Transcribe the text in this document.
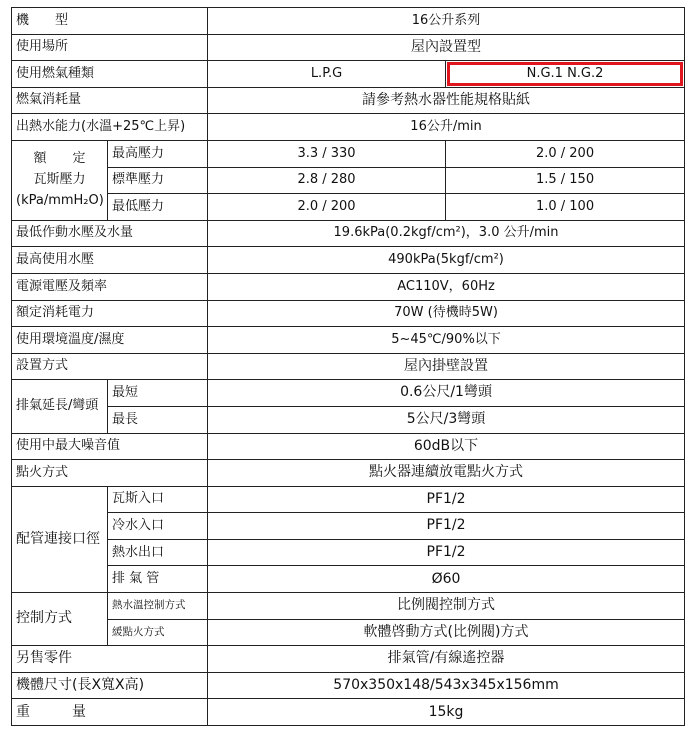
機　　型		16公升系列	
使用場所		屋內設置型	
使用燃氣種類		L.P.G	N.G.1 N.G.2

燃氣消耗量		請參考熱水器性能規格貼紙	
出熱水能力(水溫+25℃上昇)		16公升/min	

額　　定
瓦斯壓力
(kPa/mmH₂O)	最高壓力	3.3 / 330	2.0 / 200
	標準壓力	2.8 / 280	1.5 / 150
	最低壓力	2.0 / 200	1.0 / 100
最低作動水壓及水量		19.6kPa(0.2kgf/cm²)，3.0 公升/min	
最高使用水壓		490kPa(5kgf/cm²)	
電源電壓及頻率		AC110V，60Hz	
額定消耗電力		70W (待機時5W)	
使用環境溫度/濕度		5~45℃/90%以下	
設置方式		屋內掛壁設置	
排氣延長/彎頭	最短	0.6公尺/1彎頭	
	最長	5公尺/3彎頭	
使用中最大噪音值		60dB以下	
點火方式		點火器連續放電點火方式	
配管連接口徑	瓦斯入口	PF1/2	
	冷水入口	PF1/2	
	熱水出口	PF1/2	
	排 氣 管	Ø60	
控制方式	熱水溫控制方式	比例閥控制方式	
	緩點火方式	軟體啓動方式(比例閥)方式	
另售零件		排氣管/有線遙控器	
機體尺寸(長X寬X高)		570x350x148/543x345x156mm	
重　　　量		15kg	
